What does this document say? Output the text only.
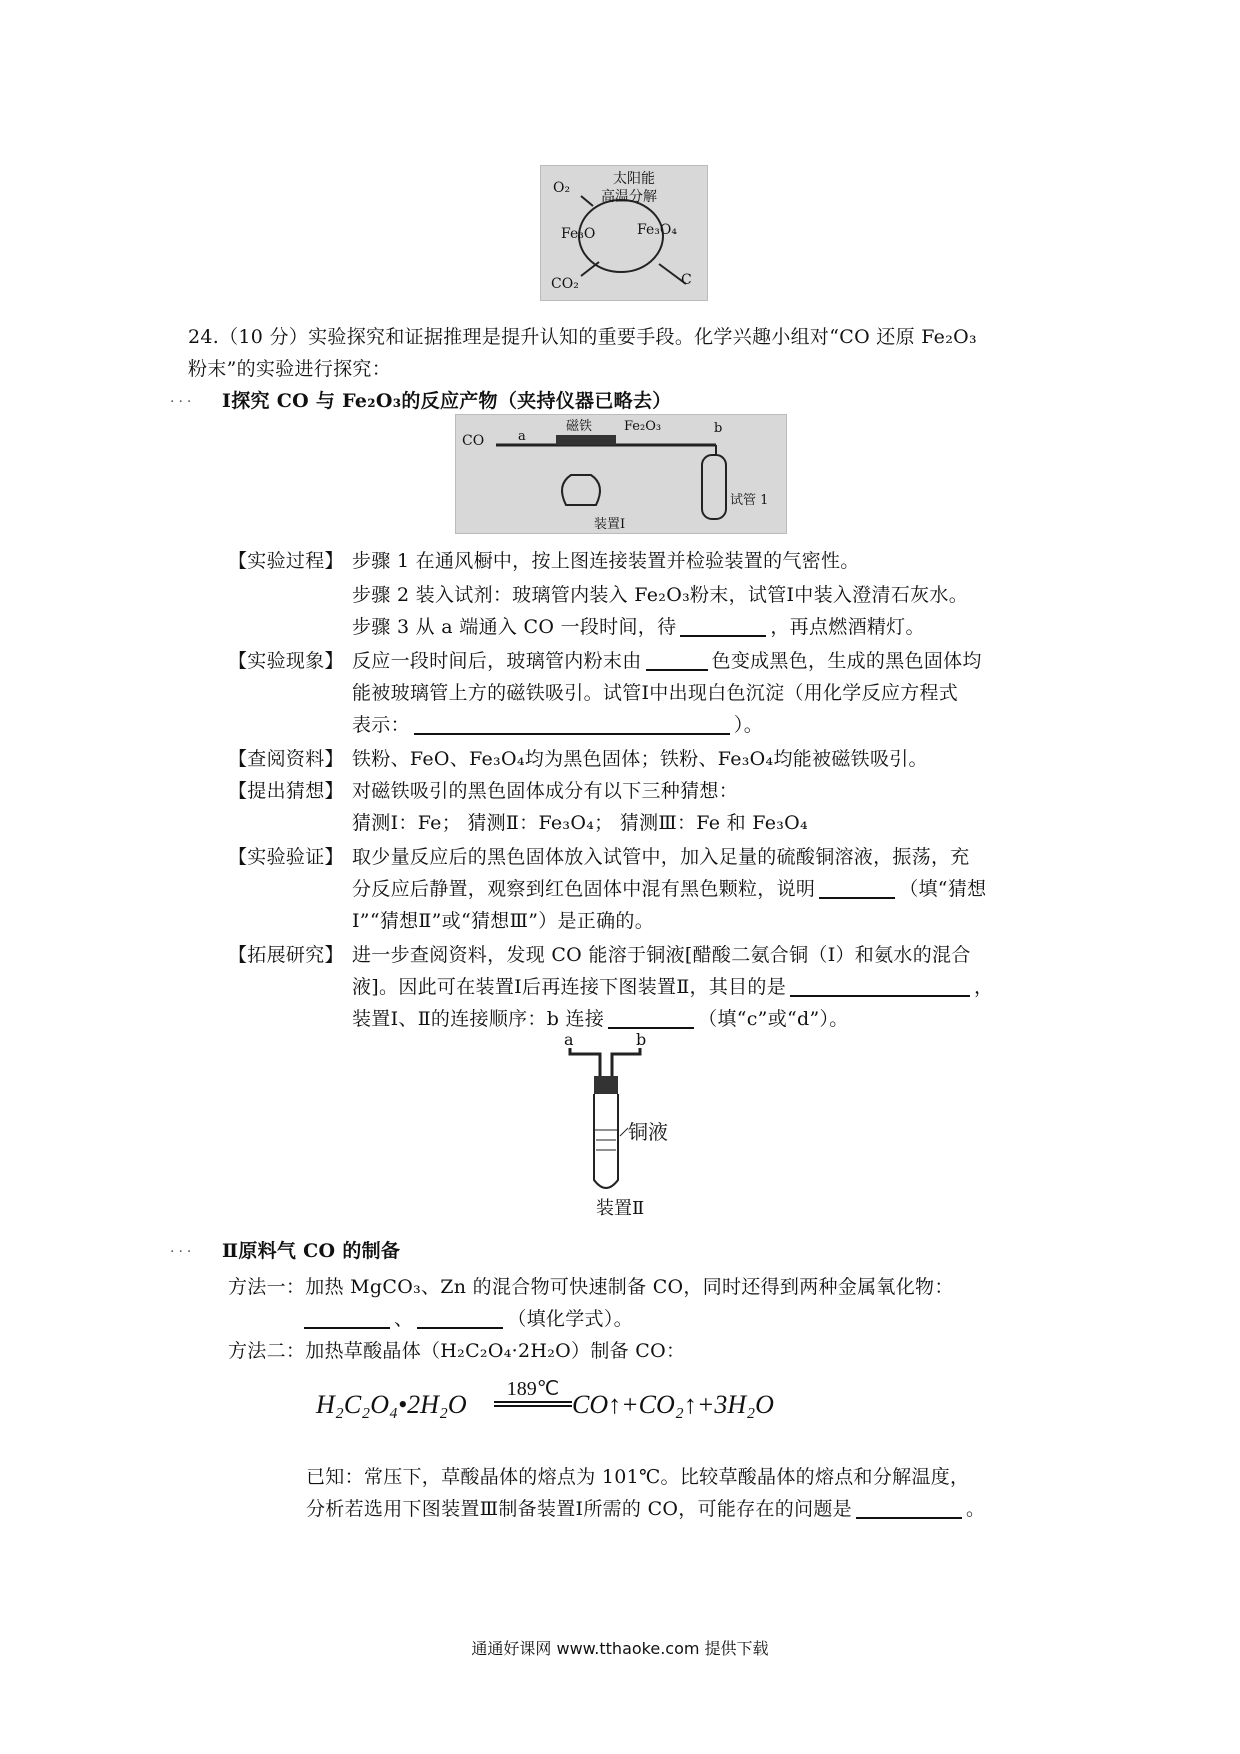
O₂
太阳能
高温分解
Fe₃O	Fe₃O₄
C
CO₂
24.（10 分）实验探究和证据推理是提升认知的重要手段。化学兴趣小组对“CO 还原 Fe₂O₃
粉末”的实验进行探究：
... Ⅰ探究 CO 与 Fe₂O₃的反应产物（夹持仪器已略去）
CO	a
磁铁 Fe₂O₃	b
试管 1
装置Ⅰ
【实验过程】 步骤 1 在通风橱中，按上图连接装置并检验装置的气密性。
步骤 2 装入试剂：玻璃管内装入 Fe₂O₃粉末，试管Ⅰ中装入澄清石灰水。
步骤 3 从 a 端通入 CO 一段时间，待	，再点燃酒精灯。
【实验现象】 反应一段时间后，玻璃管内粉末由	色变成黑色，生成的黑色固体均
能被玻璃管上方的磁铁吸引。试管Ⅰ中出现白色沉淀（用化学反应方程式
表示：	）。
【查阅资料】 铁粉、FeO、Fe₃O₄均为黑色固体；铁粉、Fe₃O₄均能被磁铁吸引。
【提出猜想】 对磁铁吸引的黑色固体成分有以下三种猜想：
猜测Ⅰ：Fe； 猜测Ⅱ：Fe₃O₄； 猜测Ⅲ：Fe 和 Fe₃O₄
【实验验证】 取少量反应后的黑色固体放入试管中，加入足量的硫酸铜溶液，振荡，充
分反应后静置，观察到红色固体中混有黑色颗粒，说明	（填“猜想
Ⅰ”“猜想Ⅱ”或“猜想Ⅲ”）是正确的。
【拓展研究】 进一步查阅资料，发现 CO 能溶于铜液[醋酸二氨合铜（Ⅰ）和氨水的混合
液]。因此可在装置Ⅰ后再连接下图装置Ⅱ，其目的是	，
装置Ⅰ、Ⅱ的连接顺序：b 连接	（填“c”或“d”）。
a	b
铜液
装置Ⅱ
... Ⅱ原料气 CO 的制备
方法一：加热 MgCO₃、Zn 的混合物可快速制备 CO，同时还得到两种金属氧化物：
、	（填化学式）。
方法二：加热草酸晶体（H₂C₂O₄·2H₂O）制备 CO：
H₂C₂O₄•2H₂O
189℃
CO↑+CO₂↑+3H₂O
已知：常压下，草酸晶体的熔点为 101℃。比较草酸晶体的熔点和分解温度，
分析若选用下图装置Ⅲ制备装置Ⅰ所需的 CO，可能存在的问题是	。
通通好课网 www.tthaoke.com 提供下载
